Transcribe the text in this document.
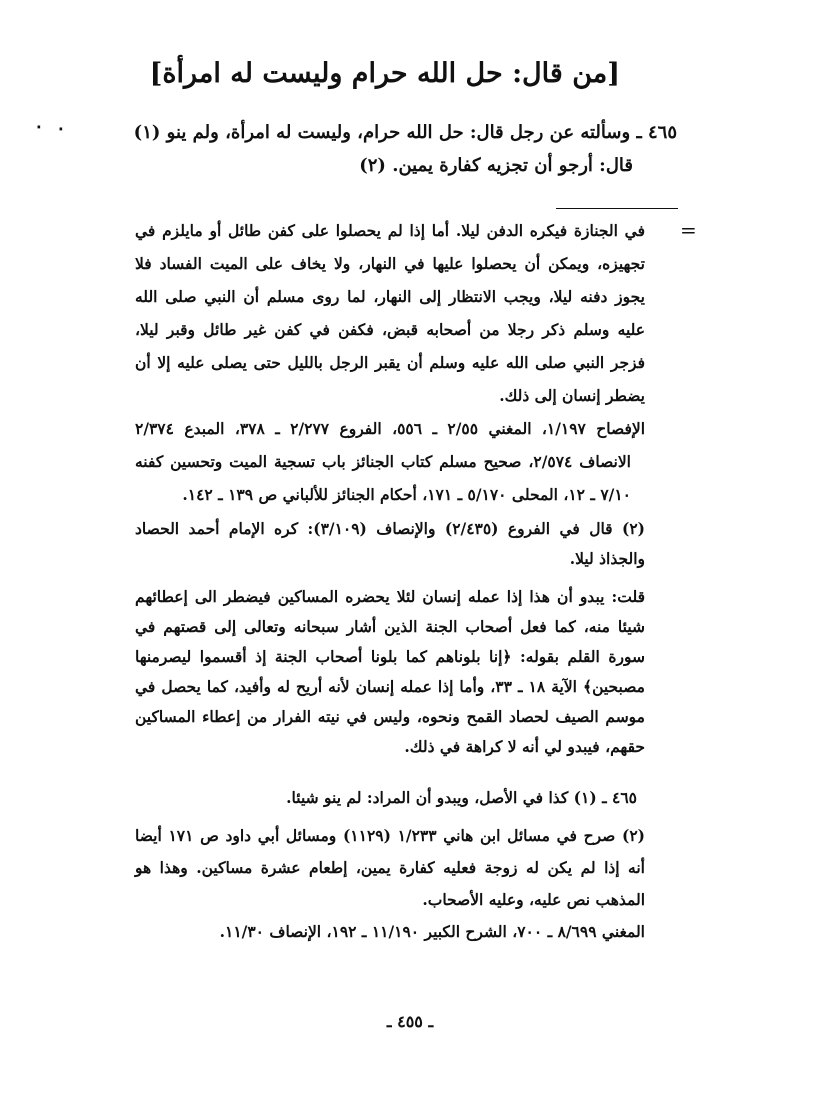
[من قال: حل الله حرام وليست له امرأة]
٤٦٥ ـ وسألته عن رجل قال: حل الله حرام، وليست له امرأة، ولم ينو (١)
قال: أرجو أن تجزيه كفارة يمين. (٢)
٠
٠
=

في الجنازة فيكره الدفن ليلا. أما إذا لم يحصلوا على كفن طائل أو مايلزم في تجهيزه، ويمكن أن يحصلوا عليها في النهار، ولا يخاف على الميت الفساد فلا يجوز دفنه ليلا، ويجب الانتظار إلى النهار، لما روى مسلم أن النبي صلى الله عليه وسلم ذكر رجلا من أصحابه قبض، فكفن في كفن غير طائل وقبر ليلا، فزجر النبي صلى الله عليه وسلم أن يقبر الرجل بالليل حتى يصلى عليه إلا أن يضطر إنسان إلى ذلك.

الإفصاح ١/١٩٧، المغني ٢/٥٥ ـ ٥٥٦، الفروع ٢/٢٧٧ ـ ٣٧٨، المبدع ٢/٣٧٤ الانصاف ٢/٥٧٤، صحيح مسلم كتاب الجنائز باب تسجية الميت وتحسين كفنه ٧/١٠ ـ ١٢، المحلى ٥/١٧٠ ـ ١٧١، أحكام الجنائز للألباني ص ١٣٩ ـ ١٤٢.

(٢) قال في الفروع (٢/٤٣٥) والإنصاف (٣/١٠٩): كره الإمام أحمد الحصاد والجذاذ ليلا.

قلت: يبدو أن هذا إذا عمله إنسان لئلا يحضره المساكين فيضطر الى إعطائهم شيئا منه، كما فعل أصحاب الجنة الذين أشار سبحانه وتعالى إلى قصتهم في سورة القلم بقوله: ﴿إنا بلوناهم كما بلونا أصحاب الجنة إذ أقسموا ليصرمنها مصبحين﴾ الآية ١٨ ـ ٣٣، وأما إذا عمله إنسان لأنه أريح له وأفيد، كما يحصل في موسم الصيف لحصاد القمح ونحوه، وليس في نيته الفرار من إعطاء المساكين حقهم، فيبدو لي أنه لا كراهة في ذلك.

٤٦٥ ـ (١) كذا في الأصل، ويبدو أن المراد: لم ينو شيئا.

(٢) صرح في مسائل ابن هاني ١/٢٣٣ (١١٢٩) ومسائل أبي داود ص ١٧١ أيضا أنه إذا لم يكن له زوجة فعليه كفارة يمين، إطعام عشرة مساكين. وهذا هو المذهب نص عليه، وعليه الأصحاب.

المغني ٨/٦٩٩ ـ ٧٠٠، الشرح الكبير ١١/١٩٠ ـ ١٩٢، الإنصاف ١١/٣٠.

ـ ٤٥٥ ـ
